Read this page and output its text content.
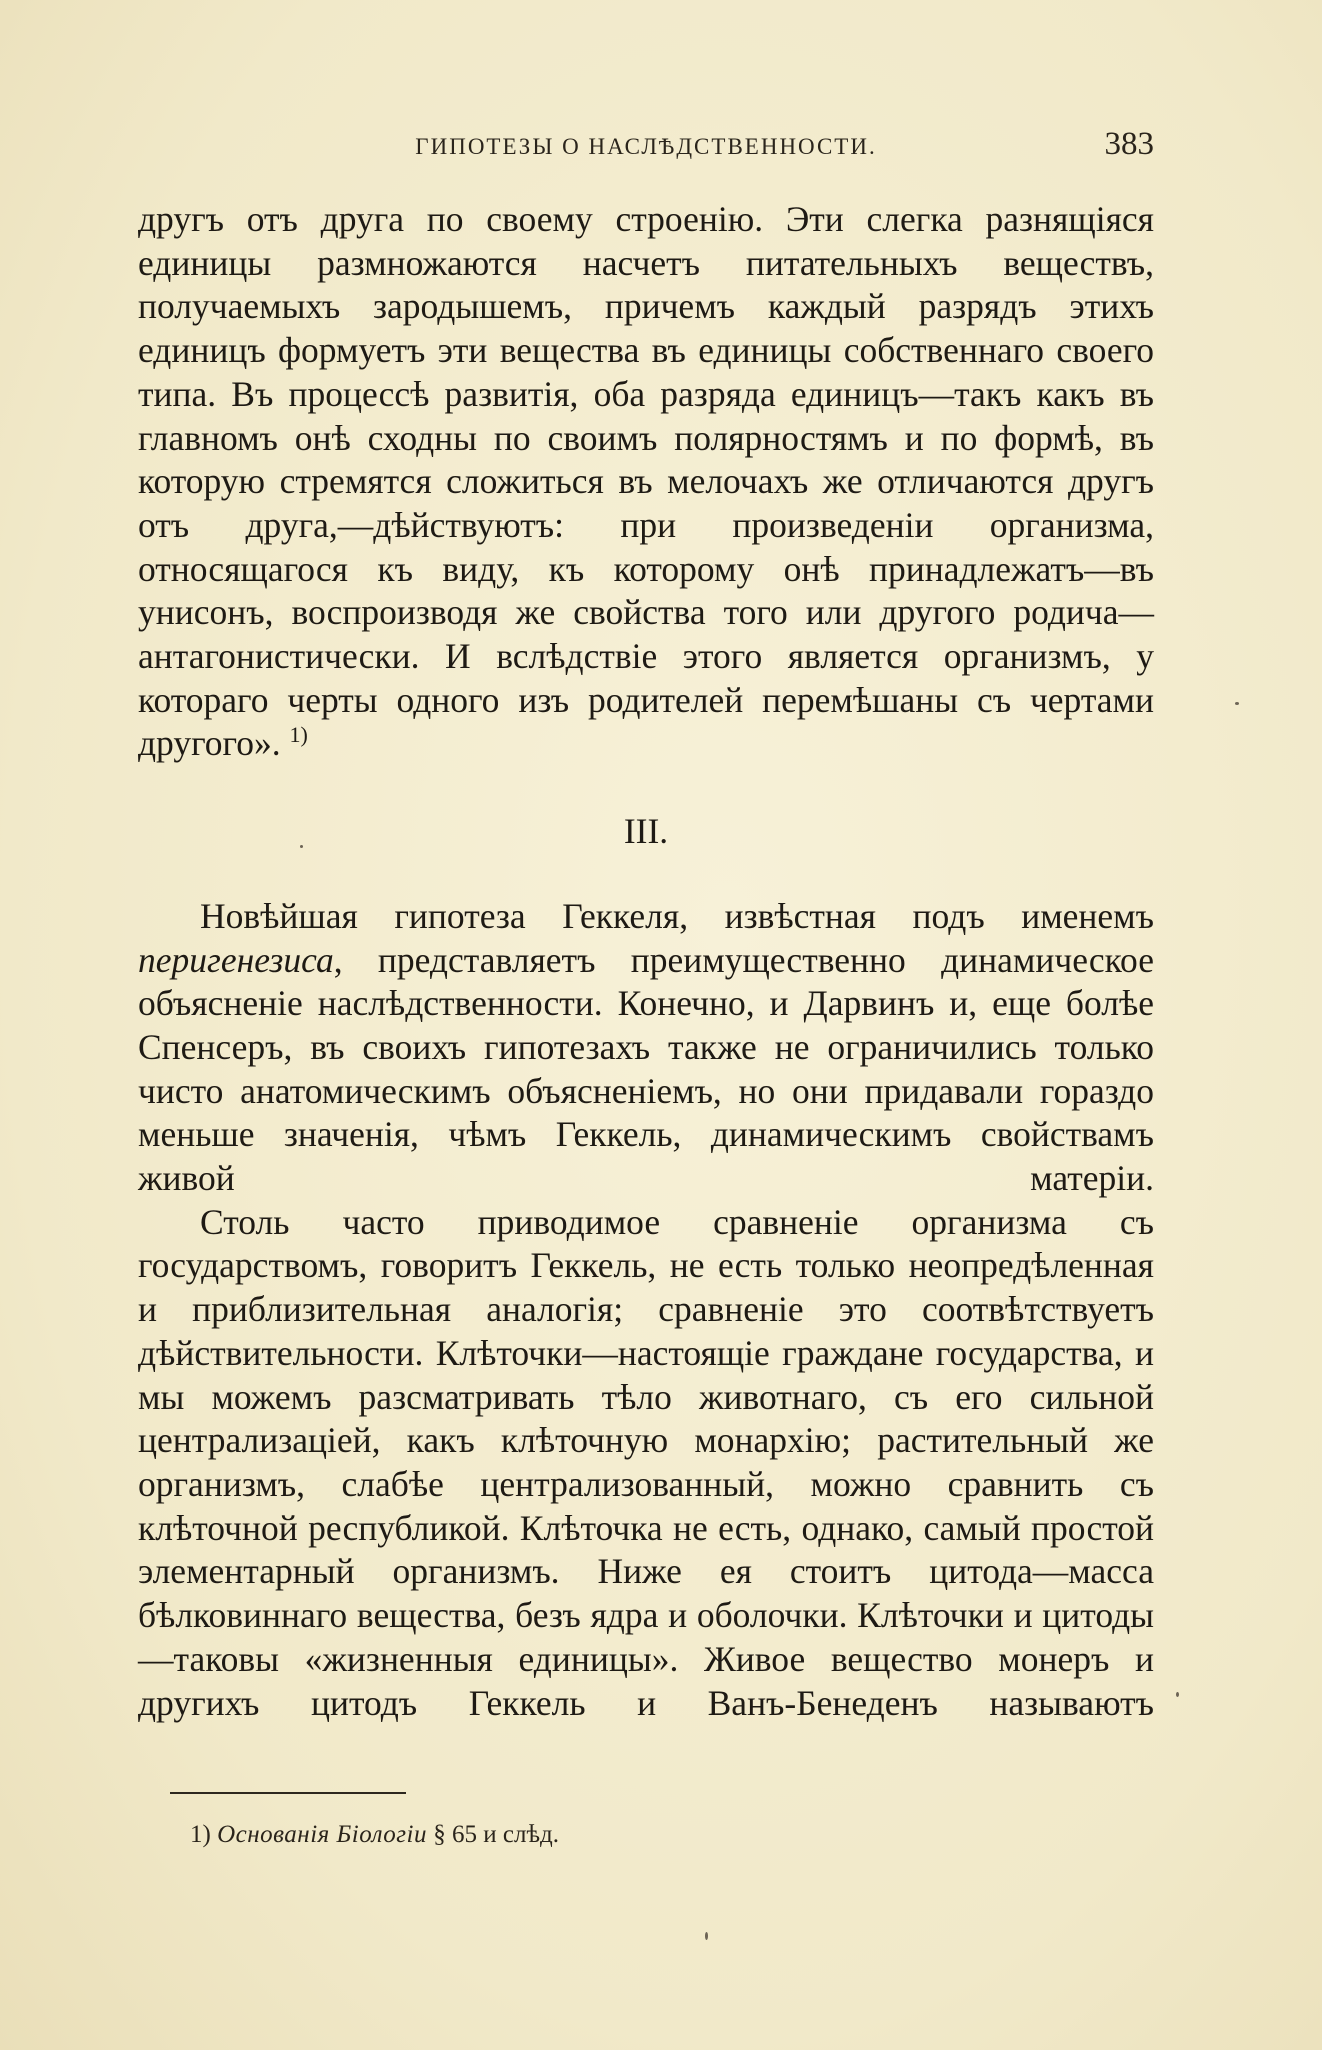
ГИПОТЕЗЫ О НАСЛѢДСТВЕННОСТИ.	383

другъ отъ друга по своему строенію. Эти слегка разнящіяся единицы размножаются насчетъ питательныхъ веществъ, получаемыхъ зародышемъ, причемъ каждый разрядъ этихъ единицъ формуетъ эти вещества въ единицы собственнаго своего типа. Въ процессѣ развитія, оба разряда единицъ—такъ какъ въ главномъ онѣ сходны по своимъ полярностямъ и по формѣ, въ которую стремятся сложиться въ мелочахъ же отличаются другъ отъ друга,—дѣйствуютъ: при произведеніи организма, относящагося къ виду, къ которому онѣ принадлежатъ—въ унисонъ, воспроизводя же свойства того или другого родича—антагонистически. И вслѣдствіе этого является организмъ, у котораго черты одного изъ родителей перемѣшаны съ чертами другого». $^{1)}$

III.

Новѣйшая гипотеза Геккеля, извѣстная подъ именемъ перигенезиса, представляетъ преимущественно динамическое объясненіе наслѣдственности. Конечно, и Дарвинъ и, еще болѣе Спенсеръ, въ своихъ гипотезахъ также не ограничились только чисто анатомическимъ объясненіемъ, но они придавали гораздо меньше значенія, чѣмъ Геккель, динамическимъ свойствамъ живой матеріи.

Столь часто приводимое сравненіе организма съ государствомъ, говоритъ Геккель, не есть только неопредѣленная и приблизительная аналогія; сравненіе это соотвѣтствуетъ дѣйствительности. Клѣточки—настоящіе граждане государства, и мы можемъ разсматривать тѣло животнаго, съ его сильной централизаціей, какъ клѣточную монархію; растительный же организмъ, слабѣе централизованный, можно сравнить съ клѣточной республикой. Клѣточка не есть, однако, самый простой элементарный организмъ. Ниже ея стоитъ цитода—масса бѣлковиннаго вещества, безъ ядра и оболочки. Клѣточки и цитоды—таковы «жизненныя единицы». Живое вещество монеръ и другихъ цитодъ Геккель и Ванъ-Бенеденъ называютъ

1) Основанія Біологіи § 65 и слѣд.
